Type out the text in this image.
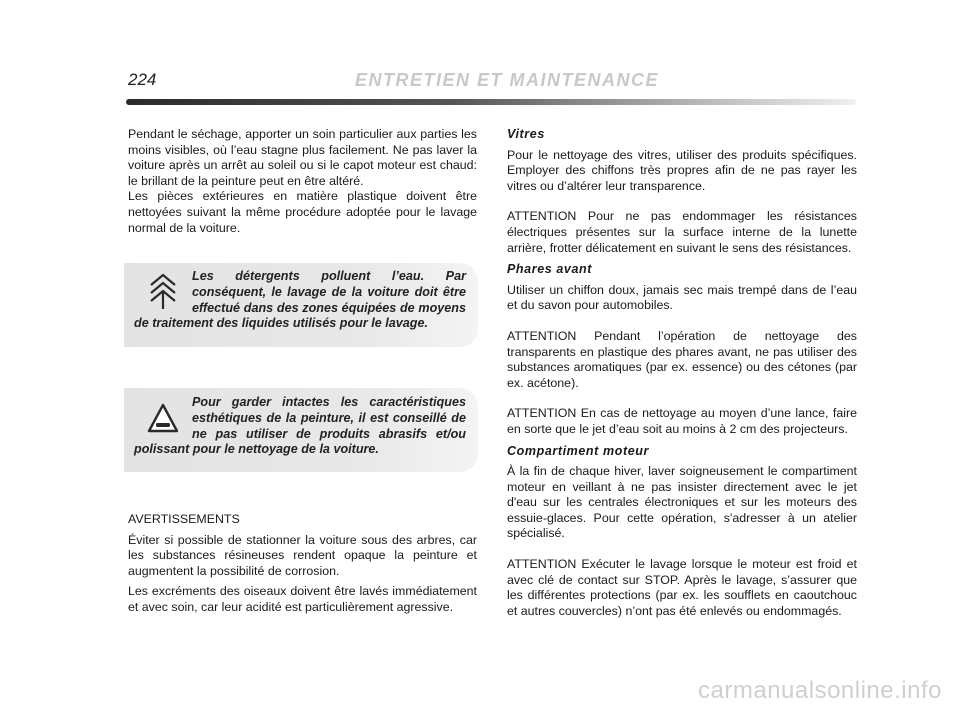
224	ENTRETIEN ET MAINTENANCE

Pendant le séchage, apporter un soin particulier aux parties les moins visibles, où l’eau stagne plus facilement. Ne pas laver la voiture après un arrêt au soleil ou si le capot moteur est chaud: le brillant de la peinture peut en être altéré.

Les pièces extérieures en matière plastique doivent être nettoyées suivant la même procédure adoptée pour le lavage normal de la voiture.

Les détergents polluent l’eau. Par conséquent, le lavage de la voiture doit être effectué dans des zones équipées de moyens de traitement des liquides utilisés pour le lavage.
Pour garder intactes les caractéristiques esthétiques de la peinture, il est conseillé de ne pas utiliser de produits abrasifs et/ou polissant pour le nettoyage de la voiture.

AVERTISSEMENTS

Éviter si possible de stationner la voiture sous des arbres, car les substances résineuses rendent opaque la peinture et augmentent la possibilité de corrosion.

Les excréments des oiseaux doivent être lavés immédiatement et avec soin, car leur acidité est particulièrement agressive.

Vitres

Pour le nettoyage des vitres, utiliser des produits spécifiques. Employer des chiffons très propres afin de ne pas rayer les vitres ou d’altérer leur transparence.

ATTENTION Pour ne pas endommager les résistances électriques présentes sur la surface interne de la lunette arrière, frotter délicatement en suivant le sens des résistances.

Phares avant

Utiliser un chiffon doux, jamais sec mais trempé dans de l’eau et du savon pour automobiles.

ATTENTION Pendant l’opération de nettoyage des transparents en plastique des phares avant, ne pas utiliser des substances aromatiques (par ex. essence) ou des cétones (par ex. acétone).

ATTENTION En cas de nettoyage au moyen d’une lance, faire en sorte que le jet d’eau soit au moins à 2 cm des projecteurs.

Compartiment moteur

À la fin de chaque hiver, laver soigneusement le compartiment moteur en veillant à ne pas insister directement avec le jet d'eau sur les centrales électroniques et sur les moteurs des essuie-glaces. Pour cette opération, s'adresser à un atelier spécialisé.

ATTENTION Exécuter le lavage lorsque le moteur est froid et avec clé de contact sur STOP. Après le lavage, s’assurer que les différentes protections (par ex. les soufflets en caoutchouc et autres couvercles) n’ont pas été enlevés ou endommagés.

carmanualsonline.info
